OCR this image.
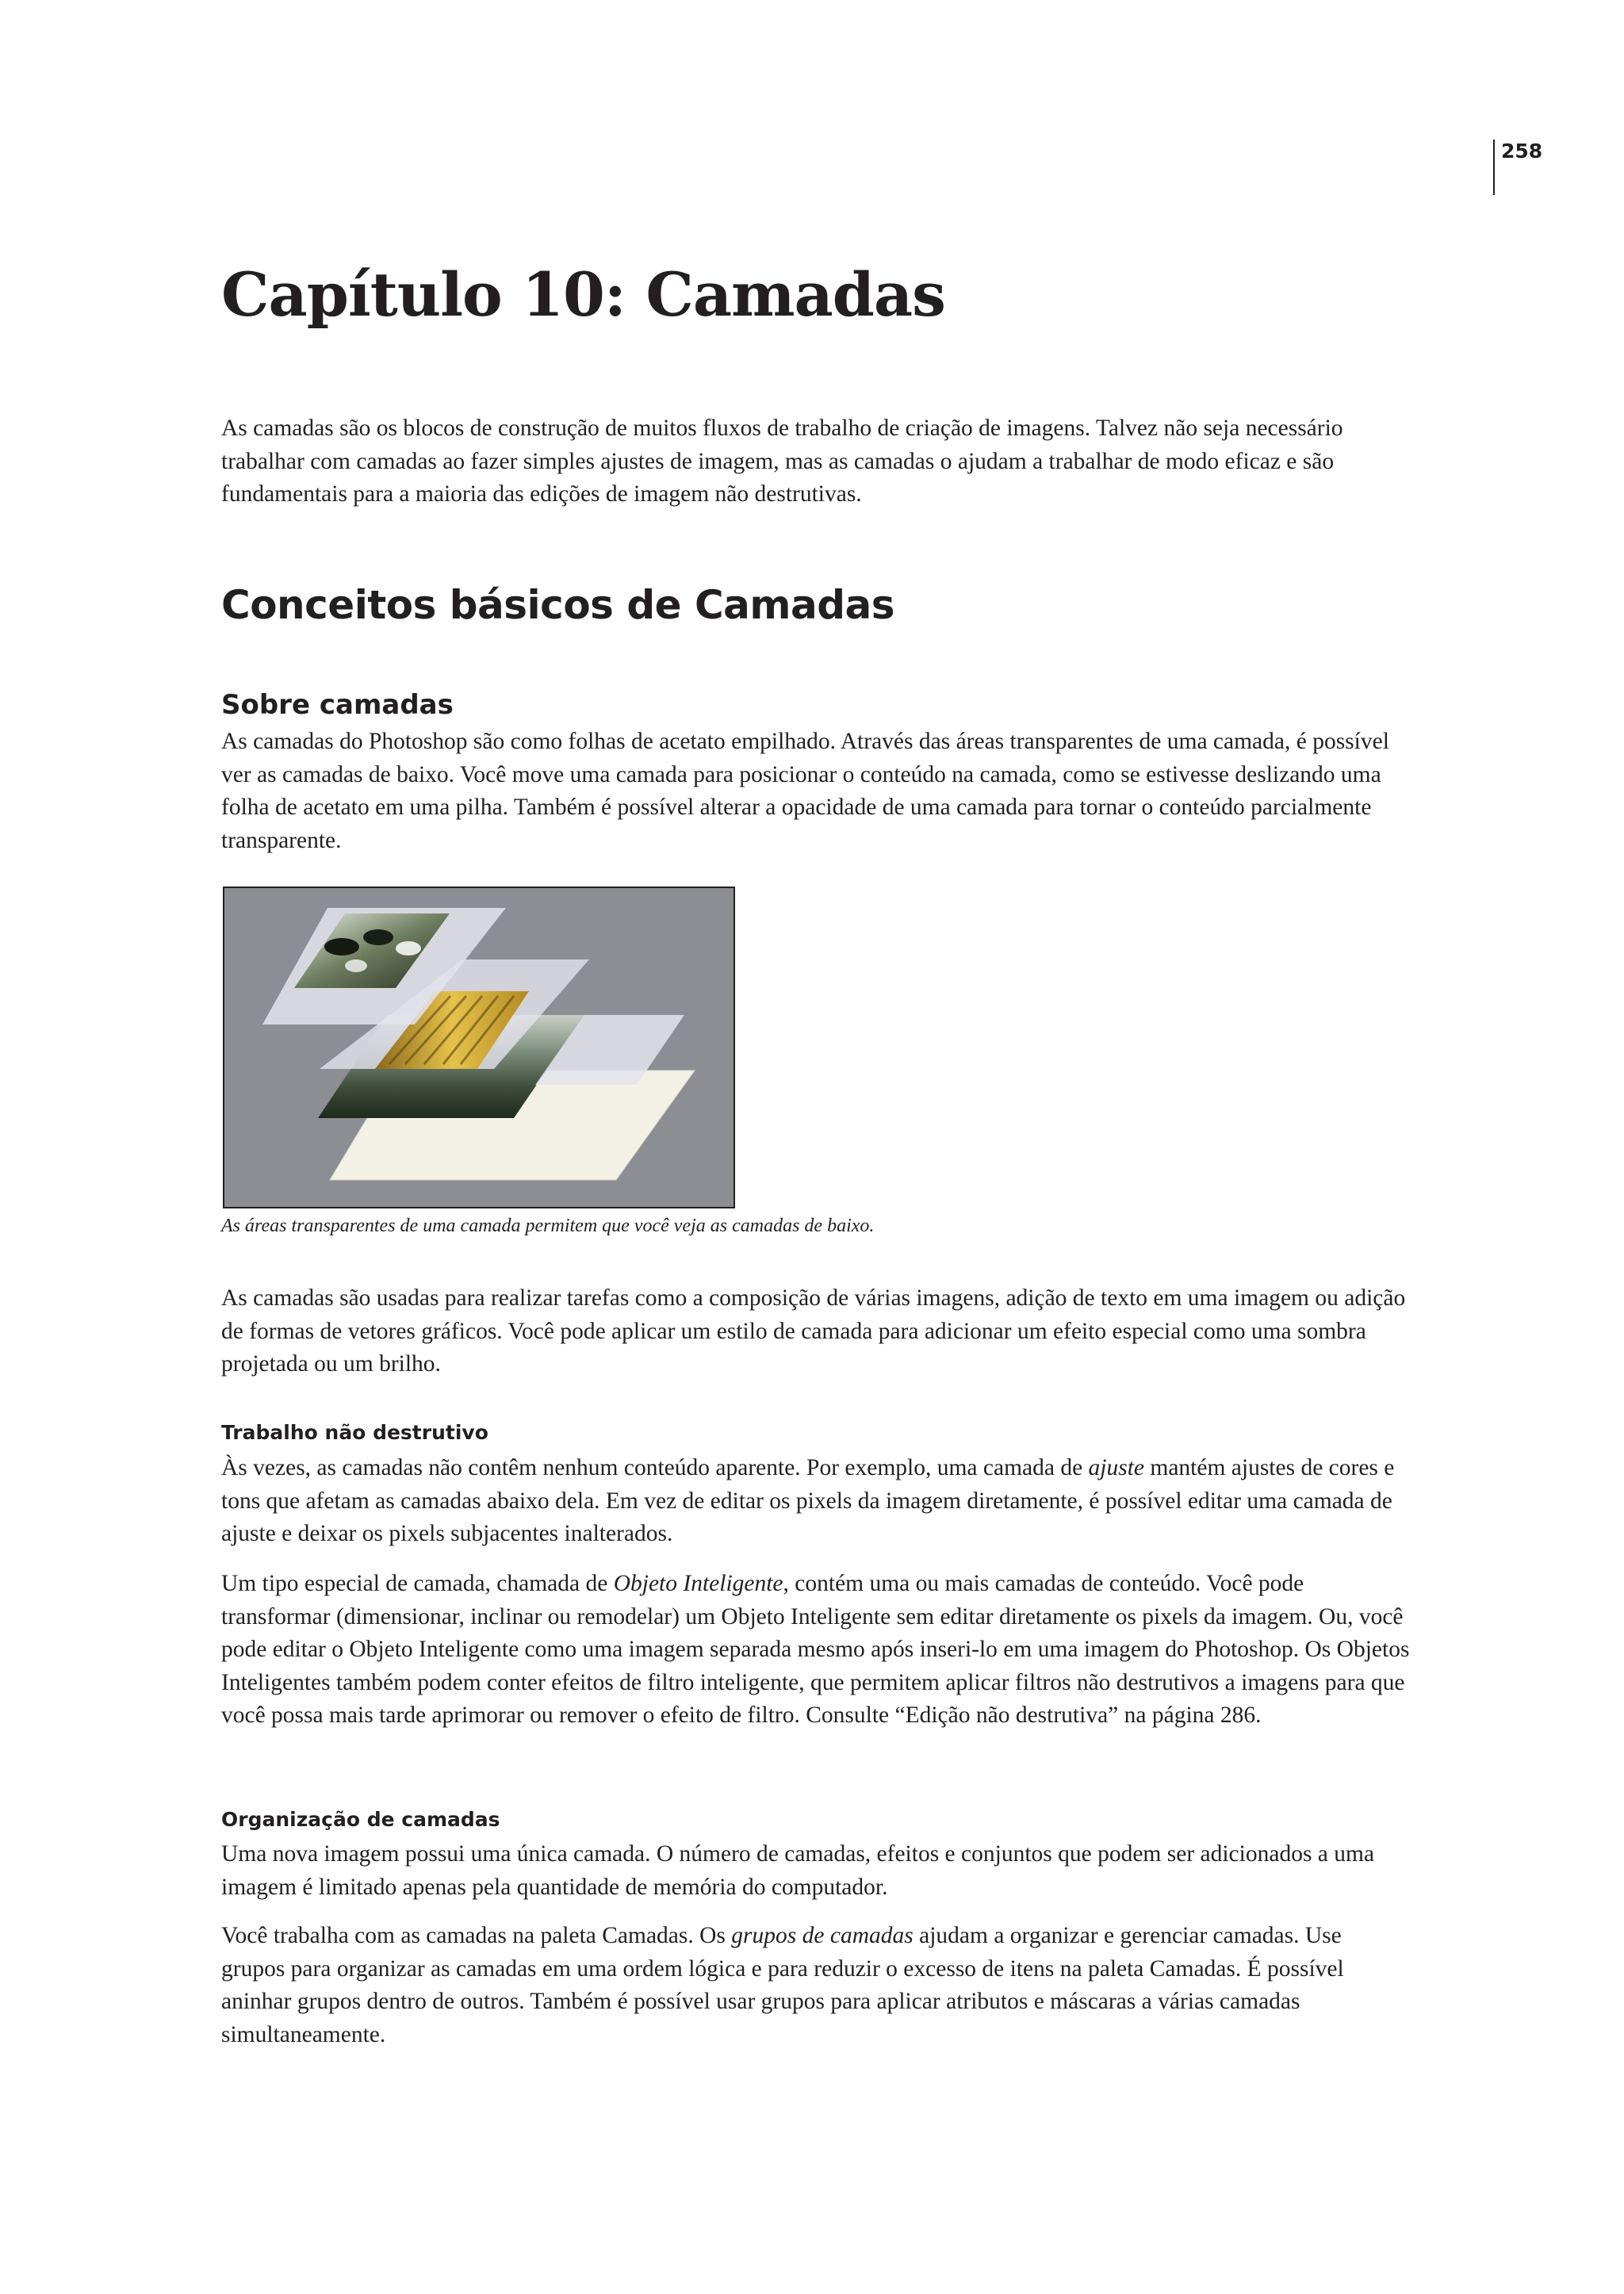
258
Capítulo 10: Camadas

As camadas são os blocos de construção de muitos fluxos de trabalho de criação de imagens. Talvez não seja necessário trabalhar com camadas ao fazer simples ajustes de imagem, mas as camadas o ajudam a trabalhar de modo eficaz e são fundamentais para a maioria das edições de imagem não destrutivas.

Conceitos básicos de Camadas
Sobre camadas

As camadas do Photoshop são como folhas de acetato empilhado. Através das áreas transparentes de uma camada, é possível ver as camadas de baixo. Você move uma camada para posicionar o conteúdo na camada, como se estivesse deslizando uma folha de acetato em uma pilha. Também é possível alterar a opacidade de uma camada para tornar o conteúdo parcialmente transparente.

As áreas transparentes de uma camada permitem que você veja as camadas de baixo.

As camadas são usadas para realizar tarefas como a composição de várias imagens, adição de texto em uma imagem ou adição de formas de vetores gráficos. Você pode aplicar um estilo de camada para adicionar um efeito especial como uma sombra projetada ou um brilho.

Trabalho não destrutivo

Às vezes, as camadas não contêm nenhum conteúdo aparente. Por exemplo, uma camada de ajuste mantém ajustes de cores e tons que afetam as camadas abaixo dela. Em vez de editar os pixels da imagem diretamente, é possível editar uma camada de ajuste e deixar os pixels subjacentes inalterados.

Um tipo especial de camada, chamada de Objeto Inteligente, contém uma ou mais camadas de conteúdo. Você pode transformar (dimensionar, inclinar ou remodelar) um Objeto Inteligente sem editar diretamente os pixels da imagem. Ou, você pode editar o Objeto Inteligente como uma imagem separada mesmo após inseri-lo em uma imagem do Photoshop. Os Objetos Inteligentes também podem conter efeitos de filtro inteligente, que permitem aplicar filtros não destrutivos a imagens para que você possa mais tarde aprimorar ou remover o efeito de filtro. Consulte “Edição não destrutiva” na página 286.

Organização de camadas

Uma nova imagem possui uma única camada. O número de camadas, efeitos e conjuntos que podem ser adicionados a uma imagem é limitado apenas pela quantidade de memória do computador.

Você trabalha com as camadas na paleta Camadas. Os grupos de camadas ajudam a organizar e gerenciar camadas. Use grupos para organizar as camadas em uma ordem lógica e para reduzir o excesso de itens na paleta Camadas. É possível aninhar grupos dentro de outros. Também é possível usar grupos para aplicar atributos e máscaras a várias camadas simultaneamente.
